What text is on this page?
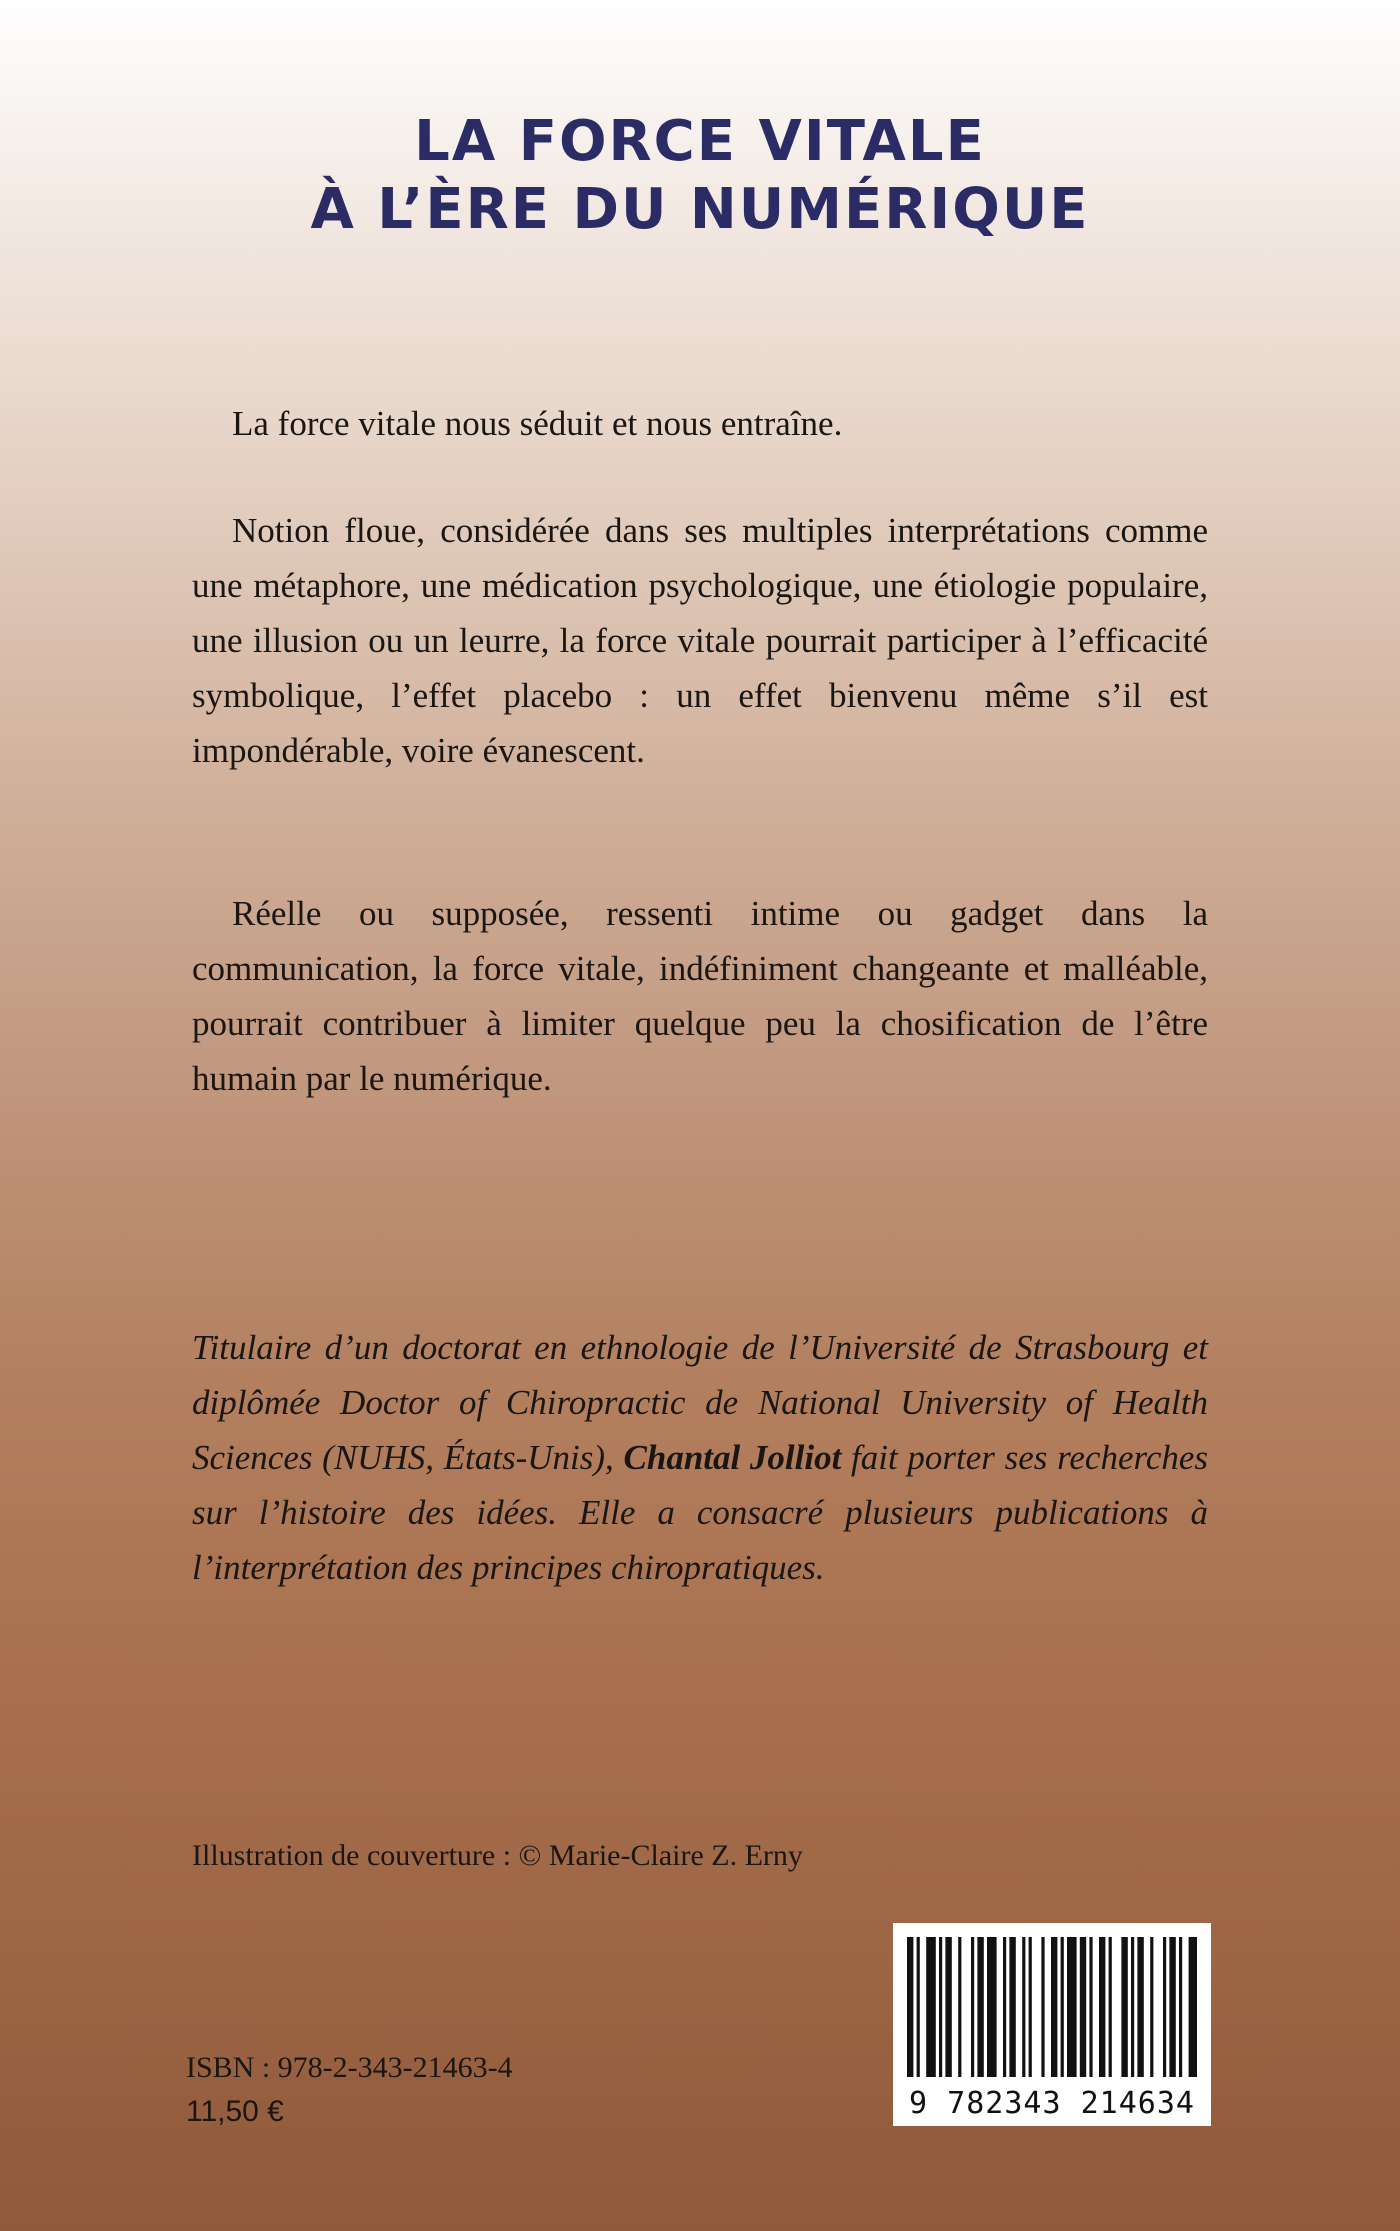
LA FORCE VITALE
À L’ÈRE DU NUMÉRIQUE

La force vitale nous séduit et nous entraîne.

Notion floue, considérée dans ses multiples interprétations comme une métaphore, une médication psychologique, une étiologie populaire, une illusion ou un leurre, la force vitale pourrait participer à l’efficacité symbolique, l’effet placebo : un effet bienvenu même s’il est impondérable, voire évanescent.

Réelle ou supposée, ressenti intime ou gadget dans la communication, la force vitale, indéfiniment changeante et malléable, pourrait contribuer à limiter quelque peu la chosification de l’être humain par le numérique.

Titulaire d’un doctorat en ethnologie de l’Université de Strasbourg et diplômée Doctor of Chiropractic de National University of Health Sciences (NUHS, États-Unis), Chantal Jolliot fait porter ses recherches sur l’histoire des idées. Elle a consacré plusieurs publications à l’interprétation des principes chiropratiques.

Illustration de couverture : © Marie-Claire Z. Erny
ISBN : 978-2-343-21463-4
11,50 €	9 782343 214634
